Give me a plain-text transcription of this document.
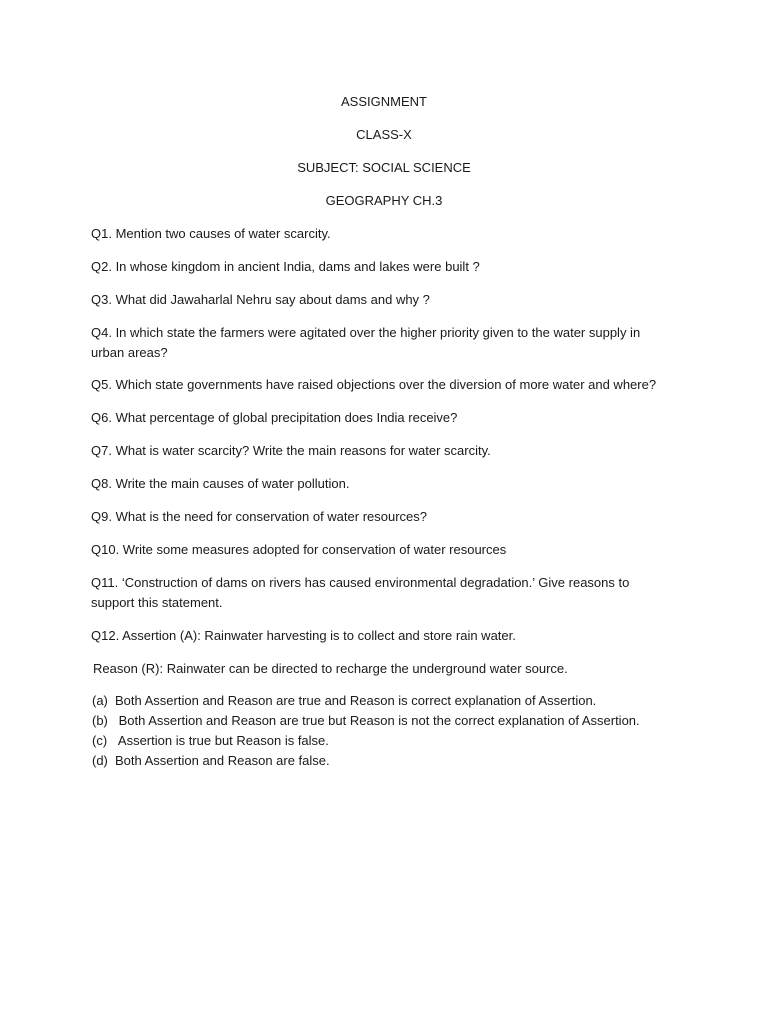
ASSIGNMENT
CLASS-X
SUBJECT: SOCIAL SCIENCE
GEOGRAPHY CH.3
Q1. Mention two causes of water scarcity.
Q2. In whose kingdom in ancient India, dams and lakes were built ?
Q3. What did Jawaharlal Nehru say about dams and why ?
Q4. In which state the farmers were agitated over the higher priority given to the water supply in urban areas?
Q5. Which state governments have raised objections over the diversion of more water and where?
Q6. What percentage of global precipitation does India receive?
Q7. What is water scarcity? Write the main reasons for water scarcity.
Q8. Write the main causes of water pollution.
Q9. What is the need for conservation of water resources?
Q10. Write some measures adopted for conservation of water resources
Q11. ‘Construction of dams on rivers has caused environmental degradation.’ Give reasons to support this statement.
Q12. Assertion (A): Rainwater harvesting is to collect and store rain water.
Reason (R): Rainwater can be directed to recharge the underground water source.
(a) Both Assertion and Reason are true and Reason is correct explanation of Assertion.
(b) Both Assertion and Reason are true but Reason is not the correct explanation of Assertion.
(c) Assertion is true but Reason is false.
(d) Both Assertion and Reason are false.
